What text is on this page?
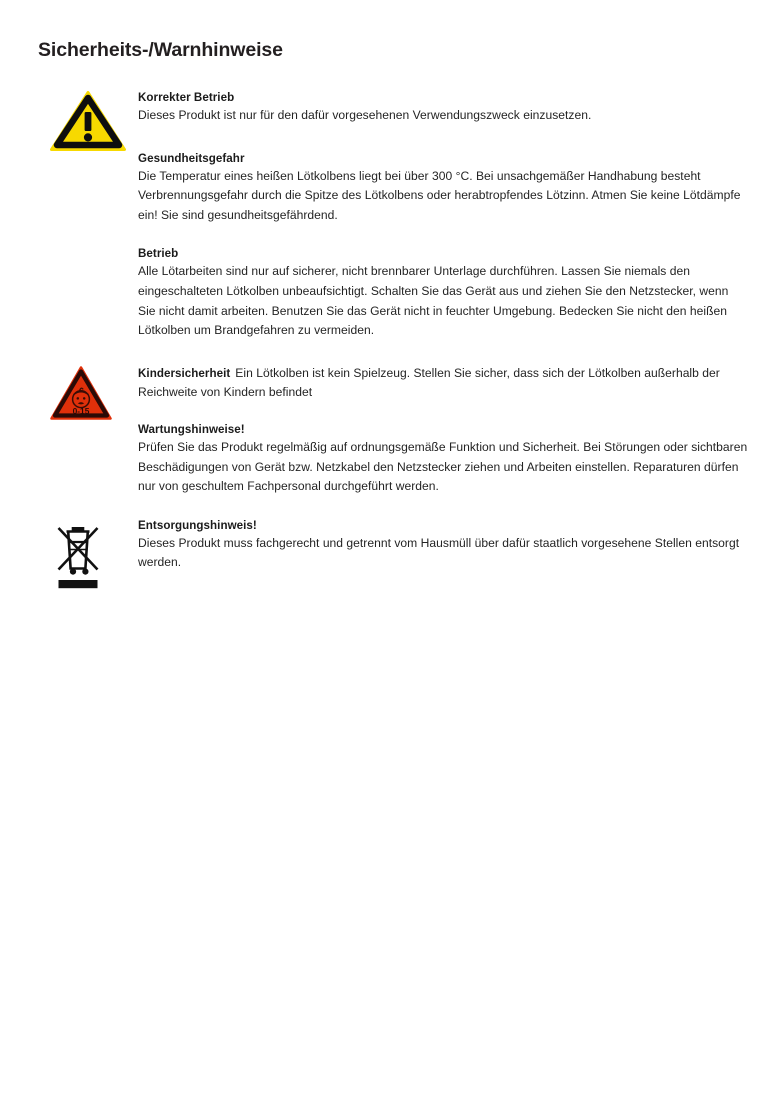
Sicherheits-/Warnhinweise
Korrekter Betrieb
Dieses Produkt ist nur für den dafür vorgesehenen Verwendungszweck einzusetzen.
Gesundheitsgefahr
Die Temperatur eines heißen Lötkolbens liegt bei über 300 °C. Bei unsachgemäßer Handhabung besteht Verbrennungsgefahr durch die Spitze des Lötkolbens oder herabtropfendes Lötzinn. Atmen Sie keine Lötdämpfe ein! Sie sind gesundheitsgefährdend.
Betrieb
Alle Lötarbeiten sind nur auf sicherer, nicht brennbarer Unterlage durchführen. Lassen Sie niemals den eingeschalteten Lötkolben unbeaufsichtigt. Schalten Sie das Gerät aus und ziehen Sie den Netzstecker, wenn Sie nicht damit arbeiten. Benutzen Sie das Gerät nicht in feuchter Umgebung. Bedecken Sie nicht den heißen Lötkolben um Brandgefahren zu vermeiden.
0-15
Kindersicherheit Ein Lötkolben ist kein Spielzeug. Stellen Sie sicher, dass sich der Lötkolben außerhalb der Reichweite von Kindern befindet
Wartungshinweise!
Prüfen Sie das Produkt regelmäßig auf ordnungsgemäße Funktion und Sicherheit. Bei Störungen oder sichtbaren Beschädigungen von Gerät bzw. Netzkabel den Netzstecker ziehen und Arbeiten einstellen. Reparaturen dürfen nur von geschultem Fachpersonal durchgeführt werden.
Entsorgungshinweis!
Dieses Produkt muss fachgerecht und getrennt vom Hausmüll über dafür staatlich vorgesehene Stellen entsorgt werden.
